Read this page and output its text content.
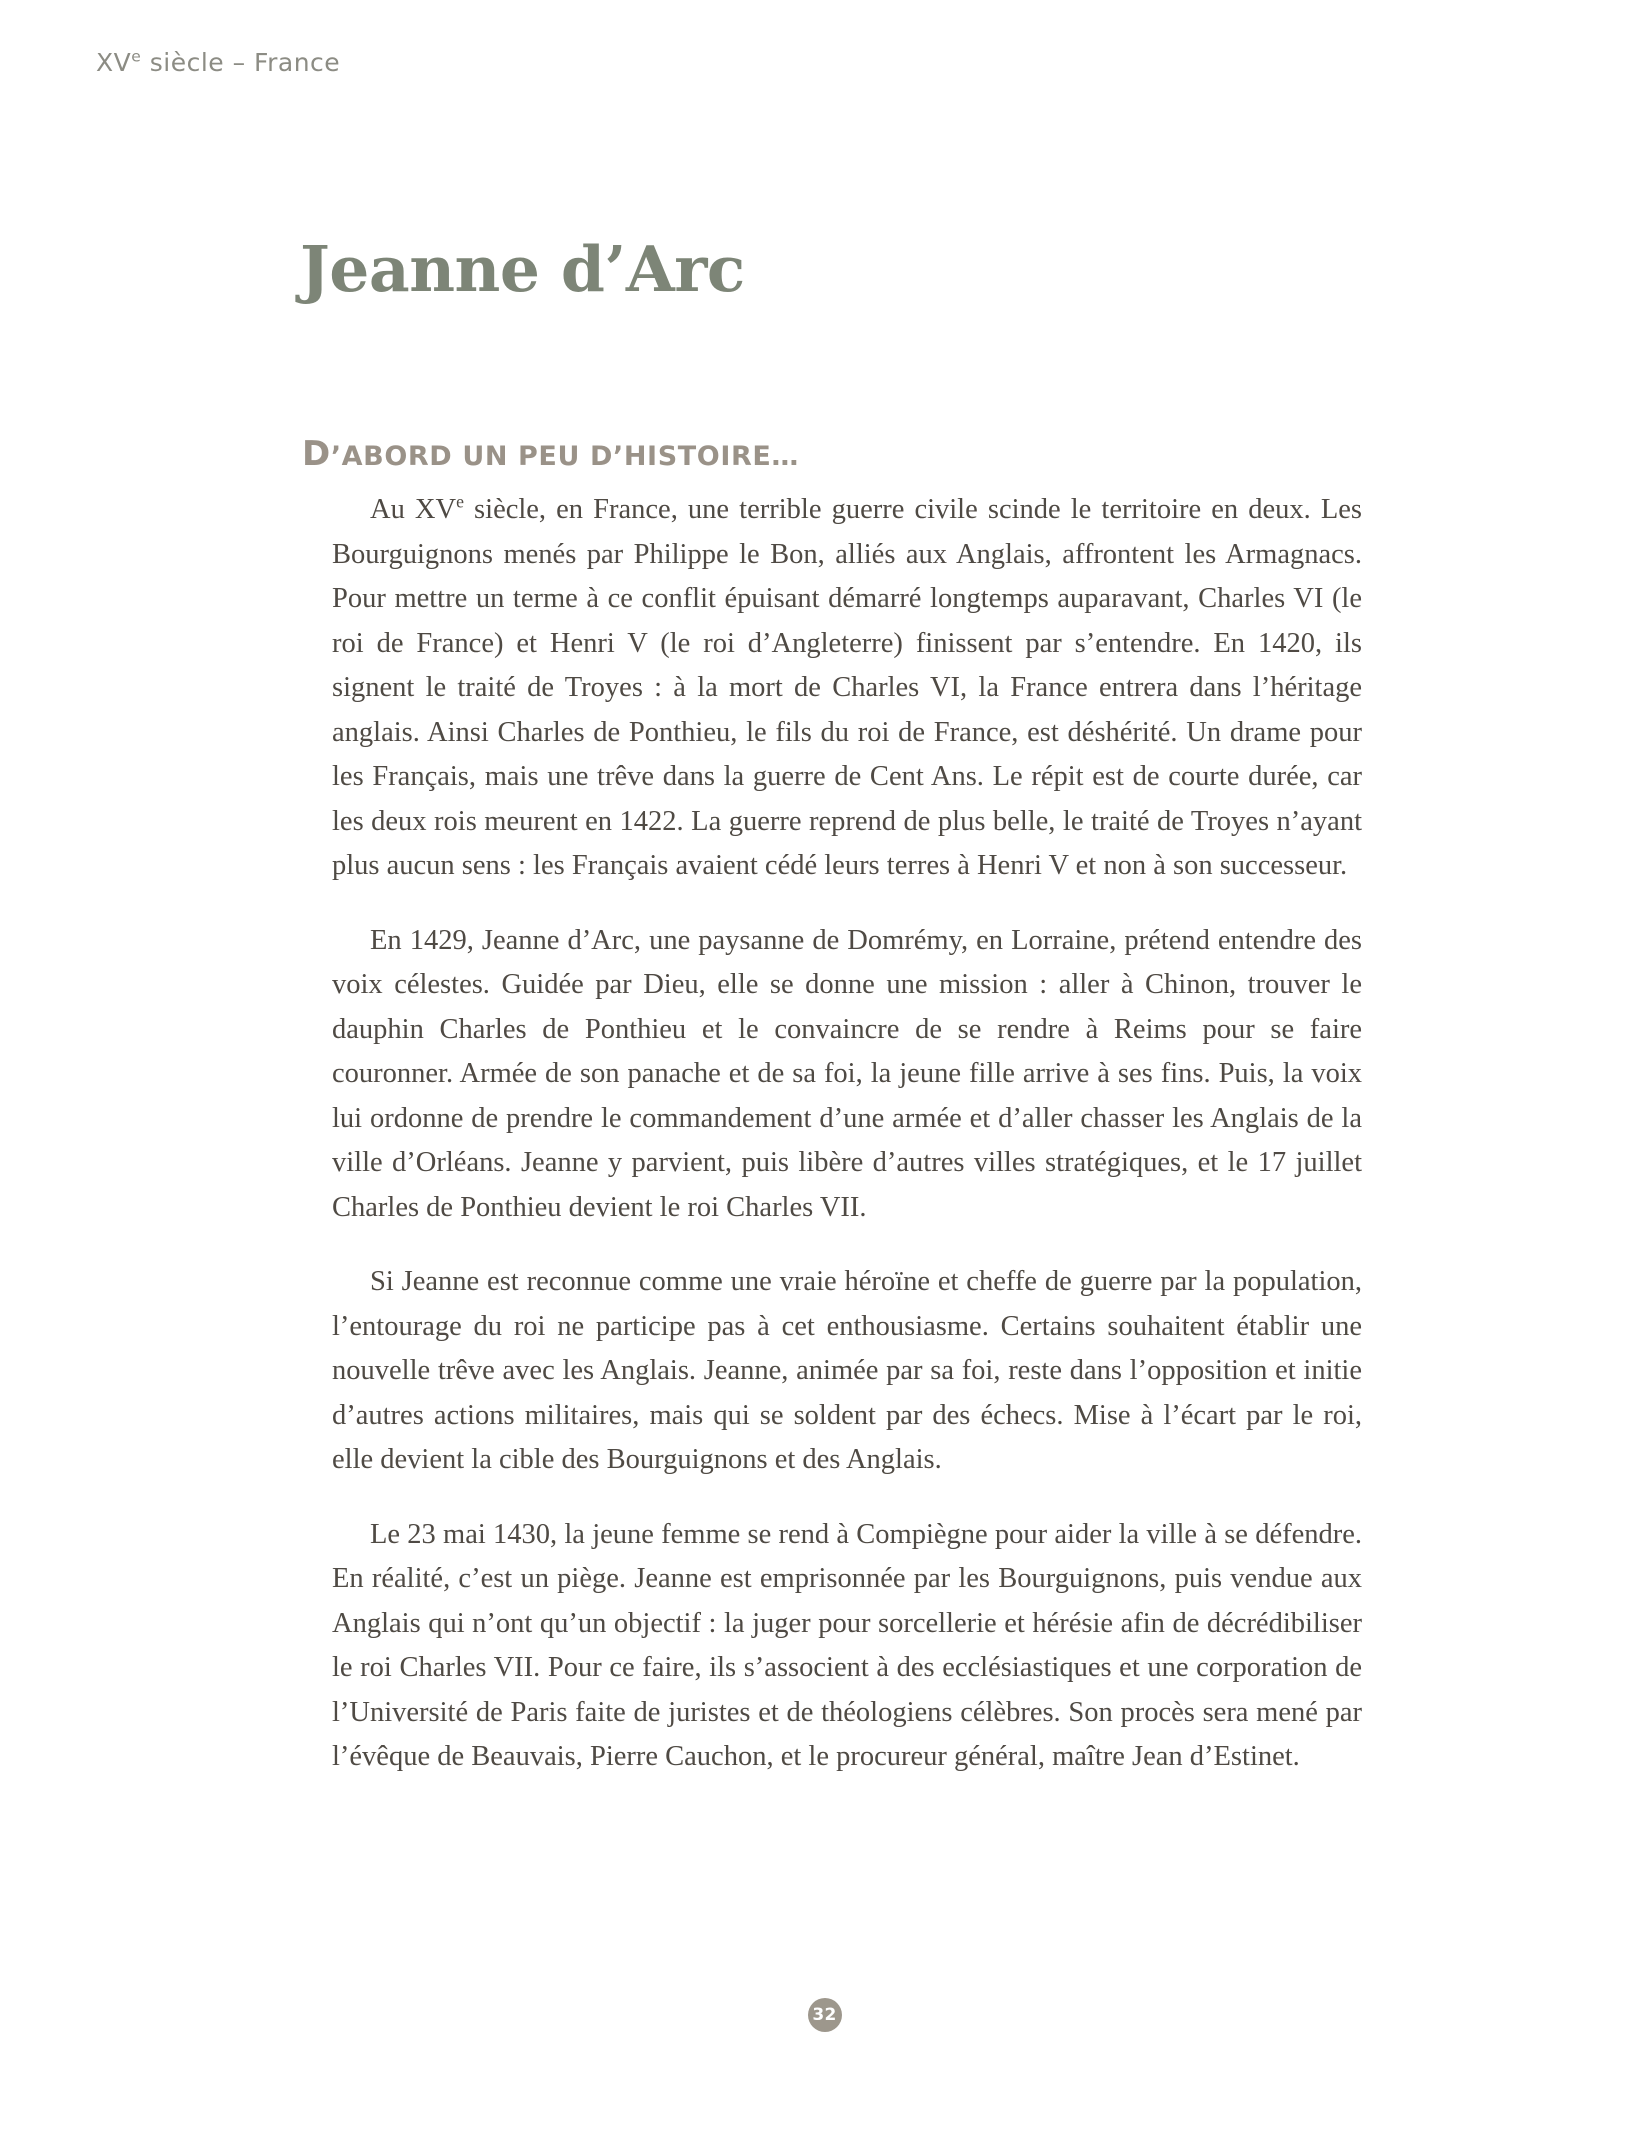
XVe siècle – France
Jeanne d’Arc
D’ABORD UN PEU D’HISTOIRE…

Au XVe siècle, en France, une terrible guerre civile scinde le territoire en deux. Les Bourguignons menés par Philippe le Bon, alliés aux Anglais, affrontent les Armagnacs. Pour mettre un terme à ce conflit épuisant démarré longtemps auparavant, Charles VI (le roi de France) et Henri V (le roi d’Angleterre) finissent par s’entendre. En 1420, ils signent le traité de Troyes : à la mort de Charles VI, la France entrera dans l’héritage anglais. Ainsi Charles de Ponthieu, le fils du roi de France, est déshérité. Un drame pour les Français, mais une trêve dans la guerre de Cent Ans. Le répit est de courte durée, car les deux rois meurent en 1422. La guerre reprend de plus belle, le traité de Troyes n’ayant plus aucun sens : les Français avaient cédé leurs terres à Henri V et non à son successeur.

En 1429, Jeanne d’Arc, une paysanne de Domrémy, en Lorraine, prétend entendre des voix célestes. Guidée par Dieu, elle se donne une mission : aller à Chinon, trouver le dauphin Charles de Ponthieu et le convaincre de se rendre à Reims pour se faire couronner. Armée de son panache et de sa foi, la jeune fille arrive à ses fins. Puis, la voix lui ordonne de prendre le commandement d’une armée et d’aller chasser les Anglais de la ville d’Orléans. Jeanne y parvient, puis libère d’autres villes stratégiques, et le 17 juillet Charles de Ponthieu devient le roi Charles VII.

Si Jeanne est reconnue comme une vraie héroïne et cheffe de guerre par la population, l’entourage du roi ne participe pas à cet enthousiasme. Certains souhaitent établir une nouvelle trêve avec les Anglais. Jeanne, animée par sa foi, reste dans l’opposition et initie d’autres actions militaires, mais qui se soldent par des échecs. Mise à l’écart par le roi, elle devient la cible des Bourguignons et des Anglais.

Le 23 mai 1430, la jeune femme se rend à Compiègne pour aider la ville à se défendre. En réalité, c’est un piège. Jeanne est emprisonnée par les Bourguignons, puis vendue aux Anglais qui n’ont qu’un objectif : la juger pour sorcellerie et hérésie afin de décrédibiliser le roi Charles VII. Pour ce faire, ils s’associent à des ecclésiastiques et une corporation de l’Université de Paris faite de juristes et de théologiens célèbres. Son procès sera mené par l’évêque de Beauvais, Pierre Cauchon, et le procureur général, maître Jean d’Estinet.

32
